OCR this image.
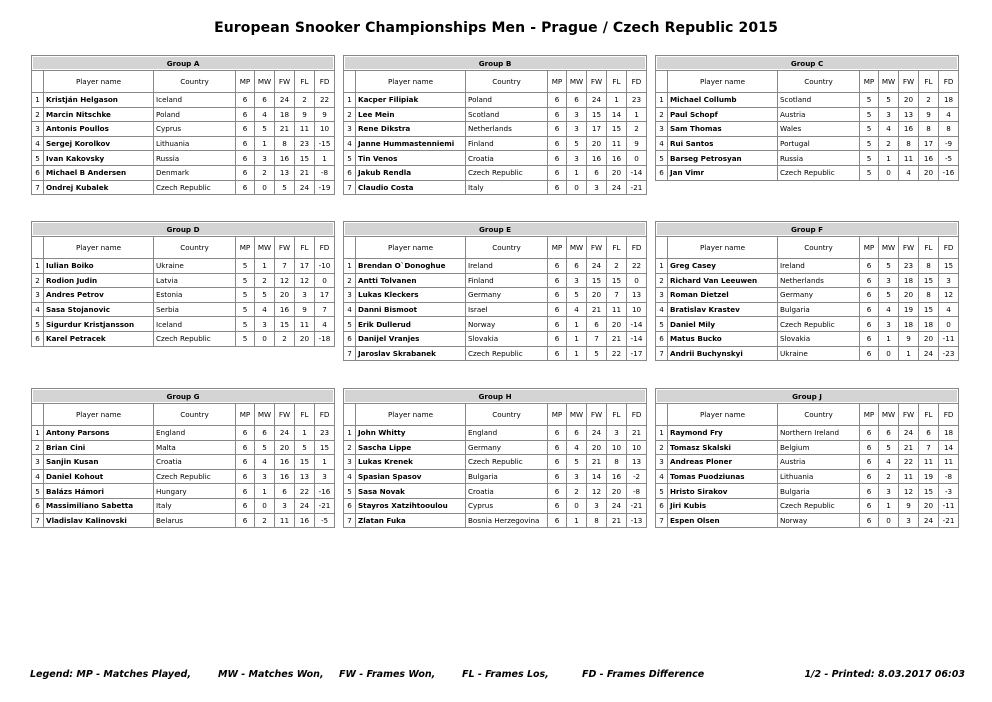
European Snooker Championships Men - Prague / Czech Republic 2015
Group A							
	Player name	Country	MP	MW	FW	FL	FD
1	Kristján Helgason	Iceland	6	6	24	2	22
2	Marcin Nitschke	Poland	6	4	18	9	9
3	Antonis Poullos	Cyprus	6	5	21	11	10
4	Sergej Korolkov	Lithuania	6	1	8	23	-15
5	Ivan Kakovsky	Russia	6	3	16	15	1
6	Michael B Andersen	Denmark	6	2	13	21	-8
7	Ondrej Kubalek	Czech Republic	6	0	5	24	-19
Group B							
	Player name	Country	MP	MW	FW	FL	FD
1	Kacper Filipiak	Poland	6	6	24	1	23
2	Lee Mein	Scotland	6	3	15	14	1
3	Rene Dikstra	Netherlands	6	3	17	15	2
4	Janne Hummastenniemi	Finland	6	5	20	11	9
5	Tin Venos	Croatia	6	3	16	16	0
6	Jakub Rendla	Czech Republic	6	1	6	20	-14
7	Claudio Costa	Italy	6	0	3	24	-21
Group C							
	Player name	Country	MP	MW	FW	FL	FD
1	Michael Collumb	Scotland	5	5	20	2	18
2	Paul Schopf	Austria	5	3	13	9	4
3	Sam Thomas	Wales	5	4	16	8	8
4	Rui Santos	Portugal	5	2	8	17	-9
5	Barseg Petrosyan	Russia	5	1	11	16	-5
6	Jan Vimr	Czech Republic	5	0	4	20	-16
Group D							
	Player name	Country	MP	MW	FW	FL	FD
1	Iulian Boiko	Ukraine	5	1	7	17	-10
2	Rodion Judin	Latvia	5	2	12	12	0
3	Andres Petrov	Estonia	5	5	20	3	17
4	Sasa Stojanovic	Serbia	5	4	16	9	7
5	Sigurdur Kristjansson	Iceland	5	3	15	11	4
6	Karel Petracek	Czech Republic	5	0	2	20	-18
Group E							
	Player name	Country	MP	MW	FW	FL	FD
1	Brendan O`Donoghue	Ireland	6	6	24	2	22
2	Antti Tolvanen	Finland	6	3	15	15	0
3	Lukas Kleckers	Germany	6	5	20	7	13
4	Danni Bismoot	Israel	6	4	21	11	10
5	Erik Dullerud	Norway	6	1	6	20	-14
6	Danijel Vranjes	Slovakia	6	1	7	21	-14
7	Jaroslav Skrabanek	Czech Republic	6	1	5	22	-17
Group F							
	Player name	Country	MP	MW	FW	FL	FD
1	Greg Casey	Ireland	6	5	23	8	15
2	Richard Van Leeuwen	Netherlands	6	3	18	15	3
3	Roman Dietzel	Germany	6	5	20	8	12
4	Bratislav Krastev	Bulgaria	6	4	19	15	4
5	Daniel Mily	Czech Republic	6	3	18	18	0
6	Matus Bucko	Slovakia	6	1	9	20	-11
7	Andrii Buchynskyi	Ukraine	6	0	1	24	-23
Group G							
	Player name	Country	MP	MW	FW	FL	FD
1	Antony Parsons	England	6	6	24	1	23
2	Brian Cini	Malta	6	5	20	5	15
3	Sanjin Kusan	Croatia	6	4	16	15	1
4	Daniel Kohout	Czech Republic	6	3	16	13	3
5	Balázs Hámori	Hungary	6	1	6	22	-16
6	Massimiliano Sabetta	Italy	6	0	3	24	-21
7	Vladislav Kalinovski	Belarus	6	2	11	16	-5
Group H							
	Player name	Country	MP	MW	FW	FL	FD
1	John Whitty	England	6	6	24	3	21
2	Sascha Lippe	Germany	6	4	20	10	10
3	Lukas Krenek	Czech Republic	6	5	21	8	13
4	Spasian Spasov	Bulgaria	6	3	14	16	-2
5	Sasa Novak	Croatia	6	2	12	20	-8
6	Stayros Xatzihtooulou	Cyprus	6	0	3	24	-21
7	Zlatan Fuka	Bosnia Herzegovina	6	1	8	21	-13
Group J							
	Player name	Country	MP	MW	FW	FL	FD
1	Raymond Fry	Northern Ireland	6	6	24	6	18
2	Tomasz Skalski	Belgium	6	5	21	7	14
3	Andreas Ploner	Austria	6	4	22	11	11
4	Tomas Puodziunas	Lithuania	6	2	11	19	-8
5	Hristo Sirakov	Bulgaria	6	3	12	15	-3
6	Jiri Kubis	Czech Republic	6	1	9	20	-11
7	Espen Olsen	Norway	6	0	3	24	-21
Legend: MP - Matches Played,	MW - Matches Won, FW - Frames Won,	FL - Frames Los,	FD - Frames Difference	1/2 - Printed: 8.03.2017 06:03
